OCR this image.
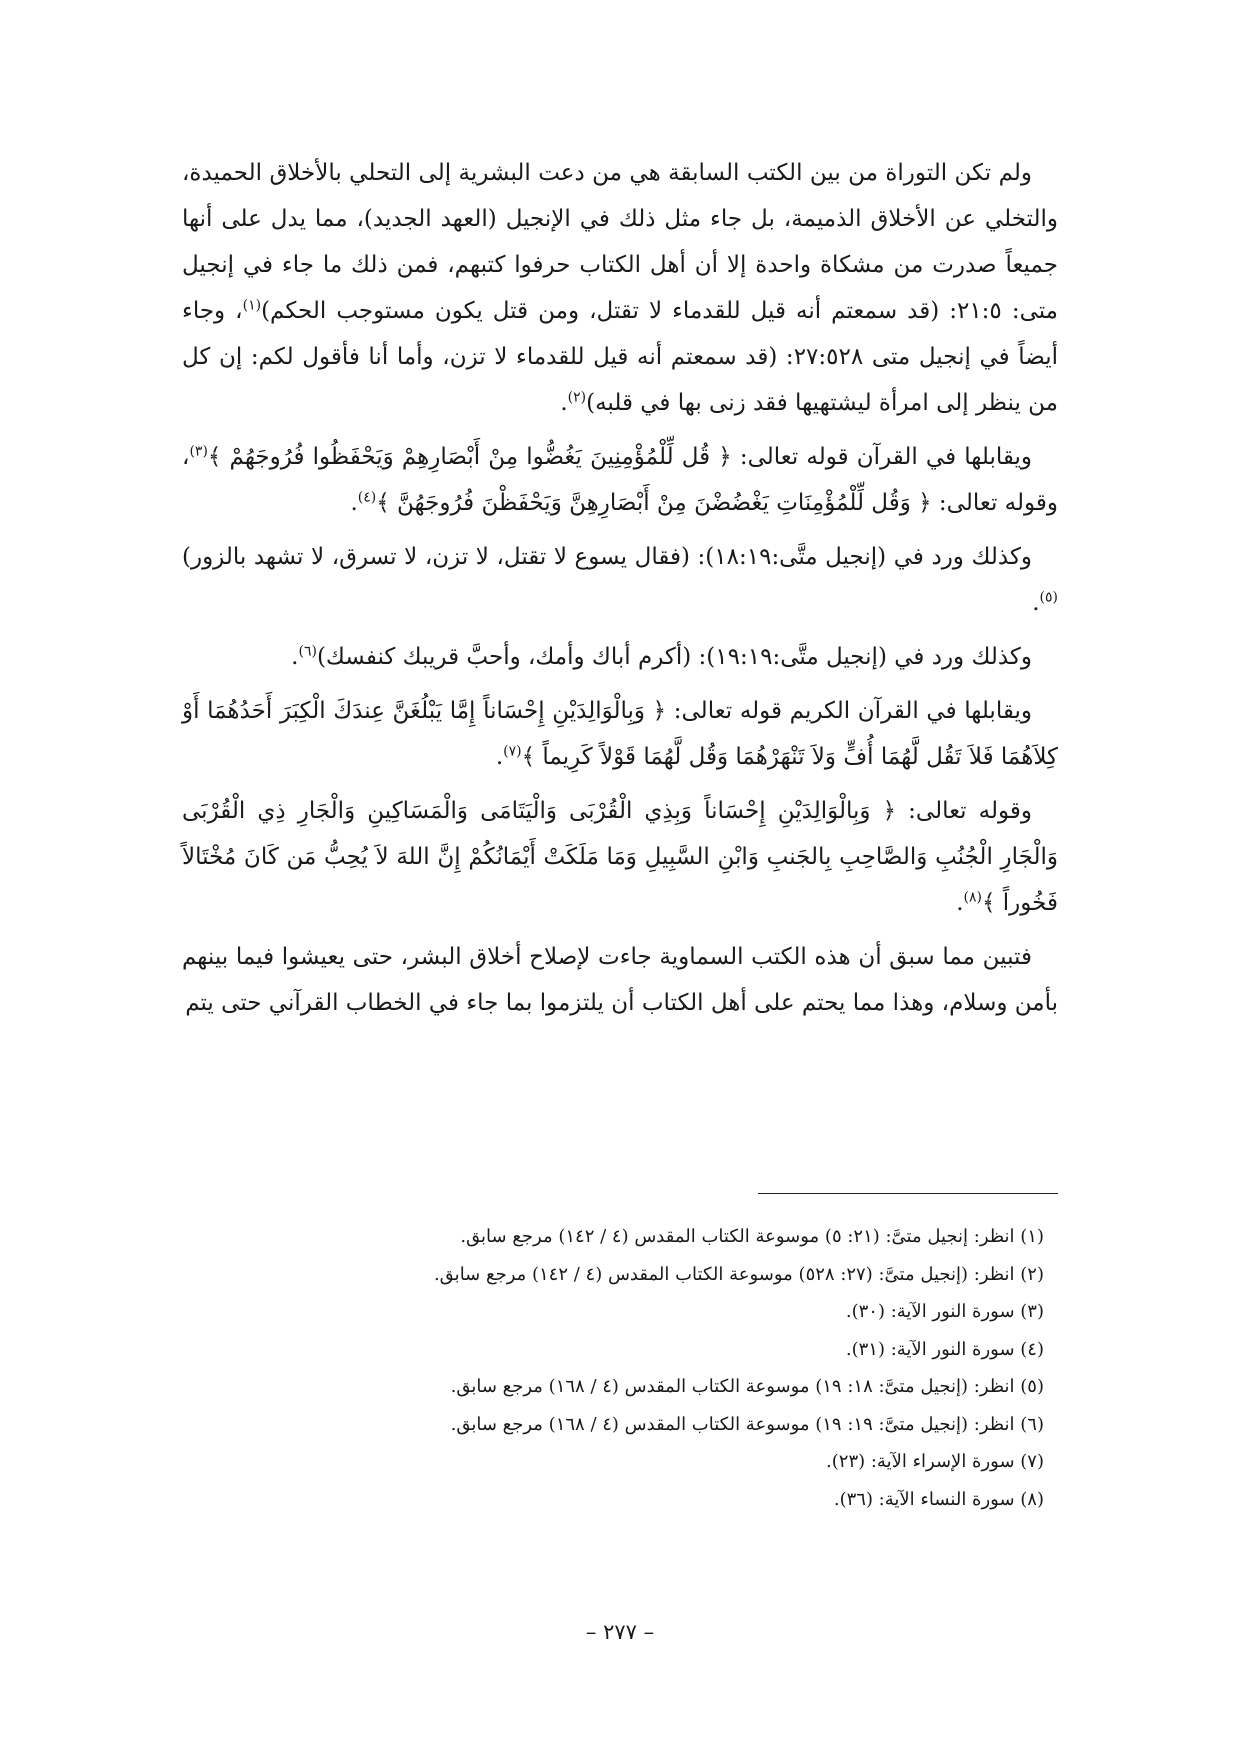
ولم تكن التوراة من بين الكتب السابقة هي من دعت البشرية إلى التحلي بالأخلاق الحميدة، والتخلي عن الأخلاق الذميمة، بل جاء مثل ذلك في الإنجيل (العهد الجديد)، مما يدل على أنها جميعاً صدرت من مشكاة واحدة إلا أن أهل الكتاب حرفوا كتبهم، فمن ذلك ما جاء في إنجيل متى: ٢١:٥: (قد سمعتم أنه قيل للقدماء لا تقتل، ومن قتل يكون مستوجب الحكم)$^{(١)}$، وجاء أيضاً في إنجيل متى ٢٧:٥٢٨: (قد سمعتم أنه قيل للقدماء لا تزن، وأما أنا فأقول لكم: إن كل من ينظر إلى امرأة ليشتهيها فقد زنى بها في قلبه)$^{(٢)}$.

ويقابلها في القرآن قوله تعالى: ﴿ قُل لِّلْمُؤْمِنِينَ يَغُضُّوا مِنْ أَبْصَارِهِمْ وَيَحْفَظُوا فُرُوجَهُمْ ﴾$^{(٣)}$، وقوله تعالى: ﴿ وَقُل لِّلْمُؤْمِنَاتِ يَغْضُضْنَ مِنْ أَبْصَارِهِنَّ وَيَحْفَظْنَ فُرُوجَهُنَّ ﴾$^{(٤)}$.

وكذلك ورد في (إنجيل متَّى:١٨:١٩): (فقال يسوع لا تقتل، لا تزن، لا تسرق، لا تشهد بالزور)$^{(٥)}$.

وكذلك ورد في (إنجيل متَّى:١٩:١٩): (أكرم أباك وأمك، وأحبَّ قريبك كنفسك)$^{(٦)}$.

ويقابلها في القرآن الكريم قوله تعالى: ﴿ وَبِالْوَالِدَيْنِ إِحْسَاناً إِمَّا يَبْلُغَنَّ عِندَكَ الْكِبَرَ أَحَدُهُمَا أَوْ كِلاَهُمَا فَلاَ تَقُل لَّهُمَا أُفٍّ وَلاَ تَنْهَرْهُمَا وَقُل لَّهُمَا قَوْلاً كَرِيماً ﴾$^{(٧)}$.

وقوله تعالى: ﴿ وَبِالْوَالِدَيْنِ إِحْسَاناً وَبِذِي الْقُرْبَى وَالْيَتَامَى وَالْمَسَاكِينِ وَالْجَارِ ذِي الْقُرْبَى وَالْجَارِ الْجُنُبِ وَالصَّاحِبِ بِالجَنبِ وَابْنِ السَّبِيلِ وَمَا مَلَكَتْ أَيْمَانُكُمْ إِنَّ اللهَ لاَ يُحِبُّ مَن كَانَ مُخْتَالاً فَخُوراً ﴾$^{(٨)}$.

فتبين مما سبق أن هذه الكتب السماوية جاءت لإصلاح أخلاق البشر، حتى يعيشوا فيما بينهم بأمن وسلام، وهذا مما يحتم على أهل الكتاب أن يلتزموا بما جاء في الخطاب القرآني حتى يتم

(١) انظر: إنجيل متىَّ: (٢١: ٥) موسوعة الكتاب المقدس (٤ / ١٤٢) مرجع سابق.
(٢) انظر: (إنجيل متىَّ: (٢٧: ٥٢٨) موسوعة الكتاب المقدس (٤ / ١٤٢) مرجع سابق.
(٣) سورة النور الآية: (٣٠).
(٤) سورة النور الآية: (٣١).
(٥) انظر: (إنجيل متىَّ: ١٨: ١٩) موسوعة الكتاب المقدس (٤ / ١٦٨) مرجع سابق.
(٦) انظر: (إنجيل متىَّ: ١٩: ١٩) موسوعة الكتاب المقدس (٤ / ١٦٨) مرجع سابق.
(٧) سورة الإسراء الآية: (٢٣).
(٨) سورة النساء الآية: (٣٦).
– ٢٧٧ –
